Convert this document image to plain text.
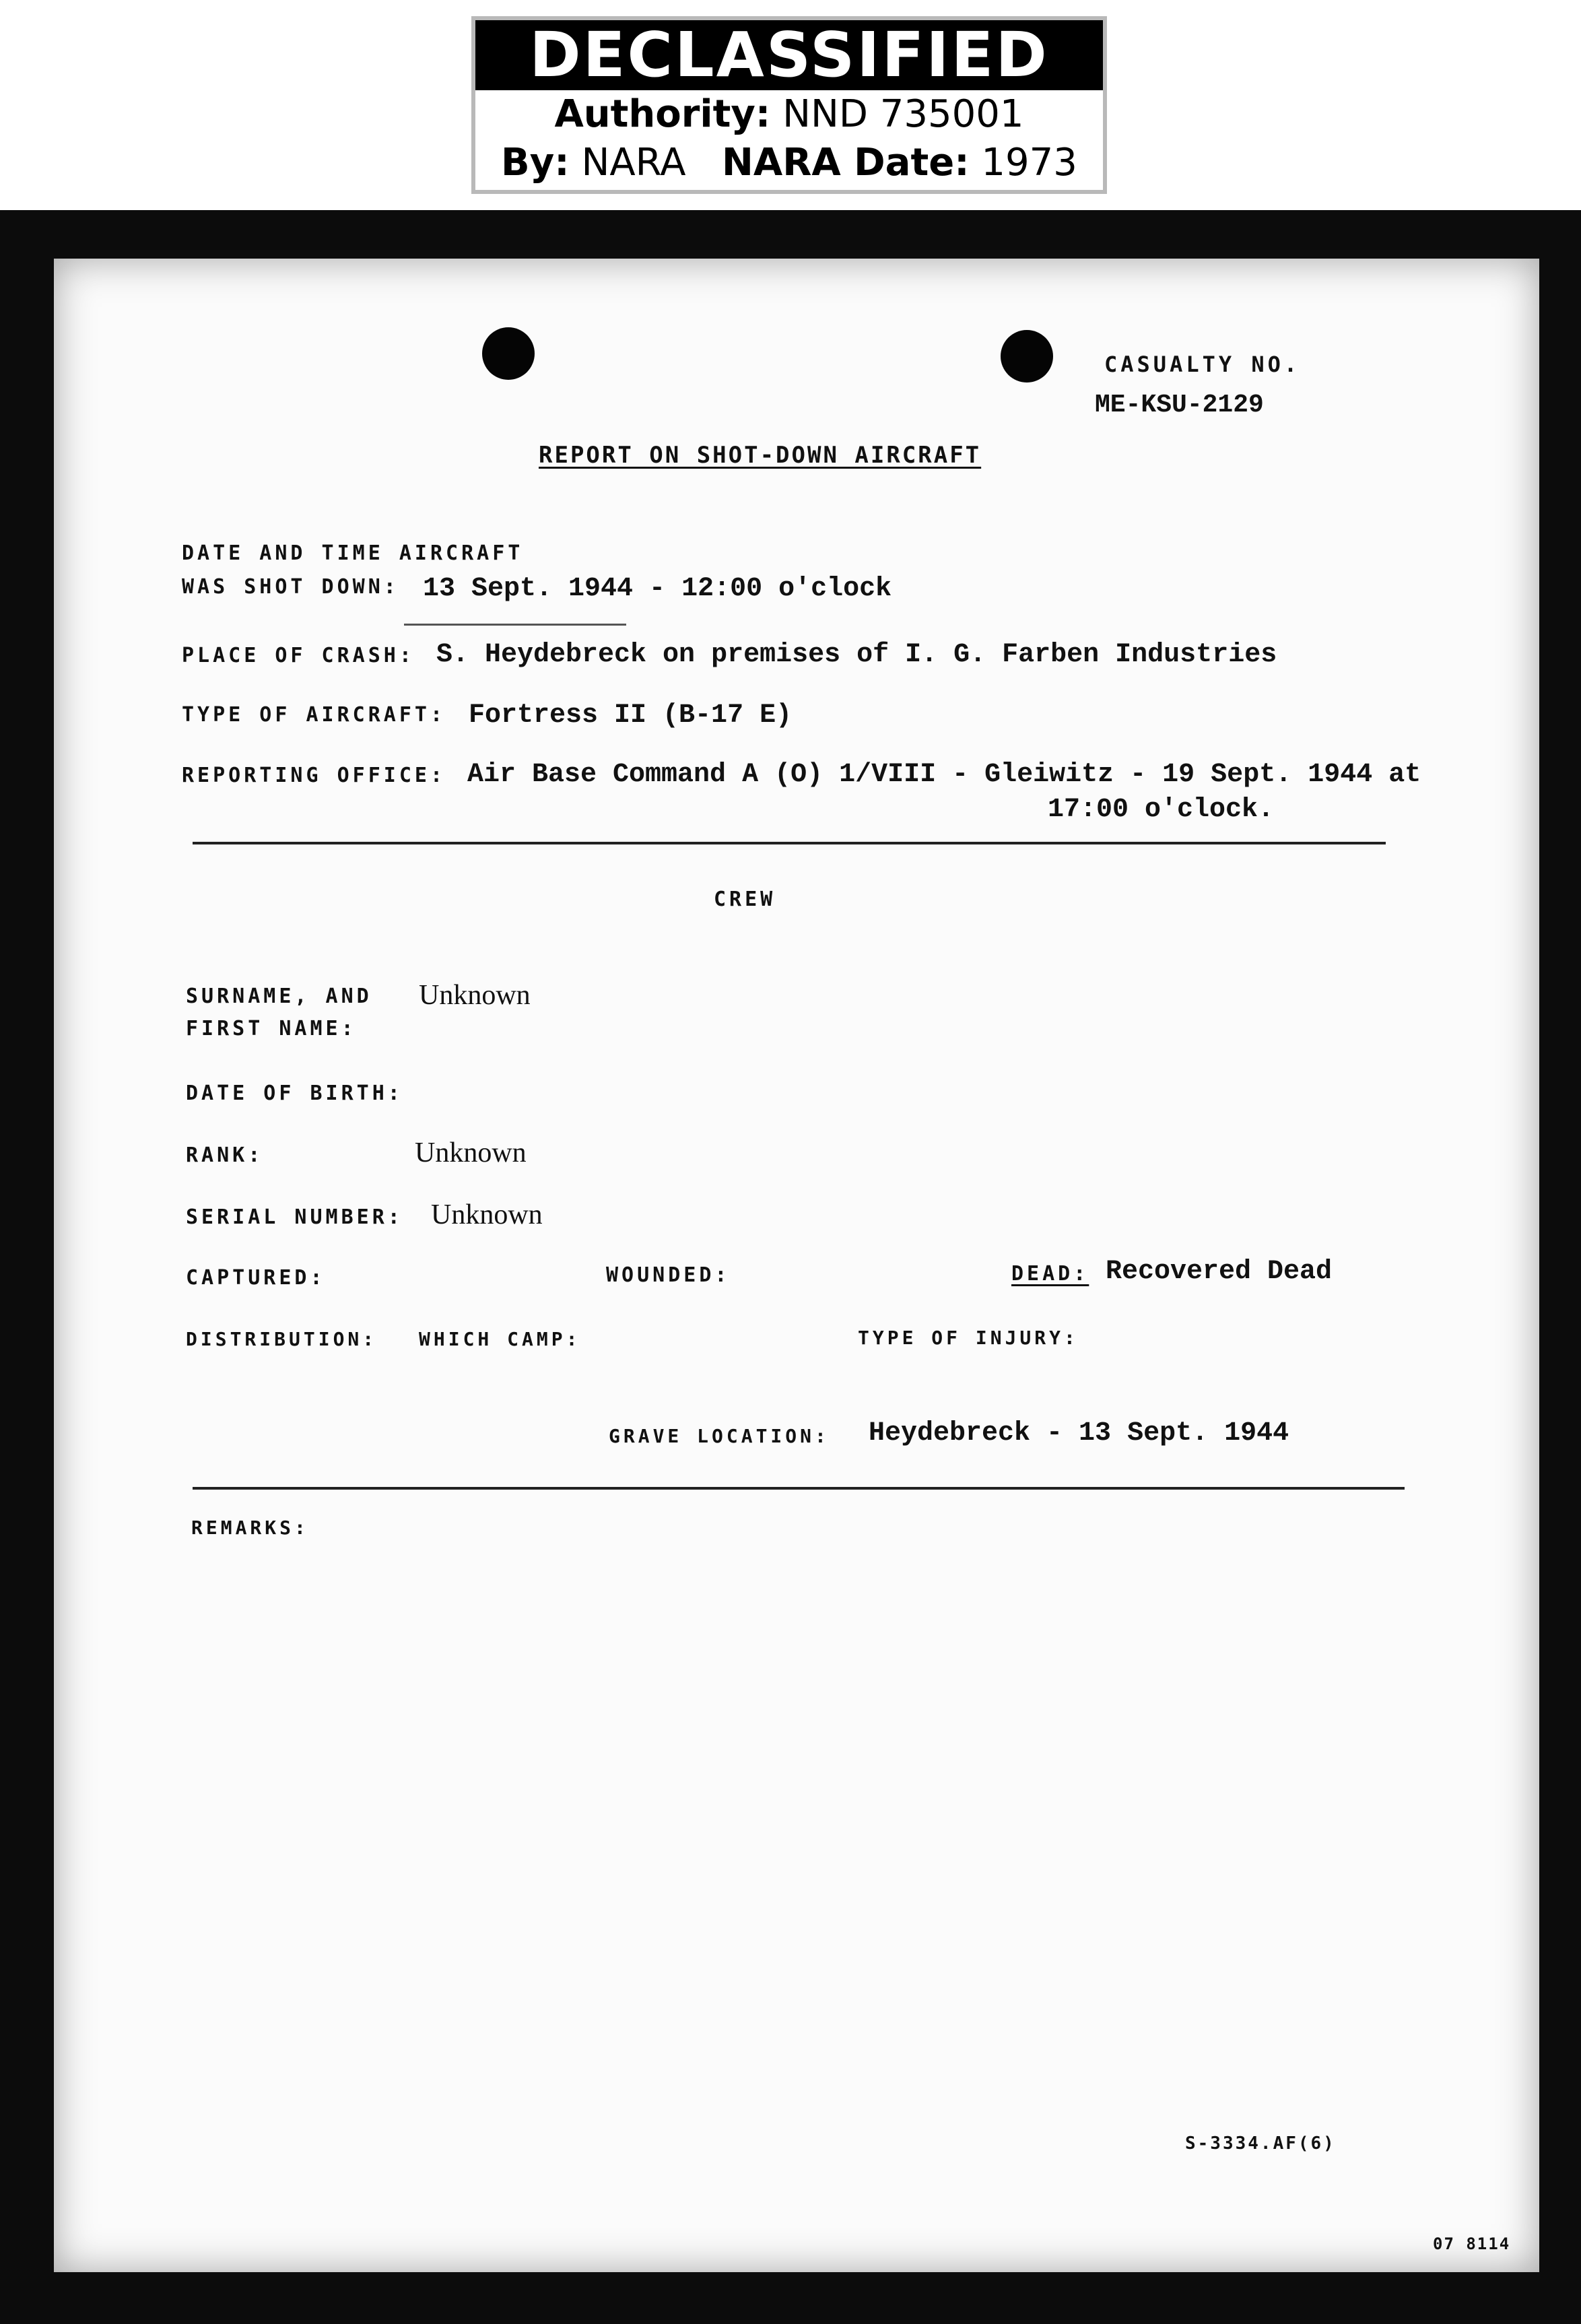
DECLASSIFIED
Authority: NND 735001
By: NARA NARA Date: 1973
CASUALTY NO.
ME-KSU-2129
REPORT ON SHOT-DOWN AIRCRAFT
DATE AND TIME AIRCRAFT
WAS SHOT DOWN: 13 Sept. 1944 - 12:00 o'clock
PLACE OF CRASH: S. Heydebreck on premises of I. G. Farben Industries
TYPE OF AIRCRAFT: Fortress II (B-17 E)
REPORTING OFFICE: Air Base Command A (O) 1/VIII - Gleiwitz - 19 Sept. 1944 at
17:00 o'clock.
CREW
SURNAME, AND
FIRST NAME:
Unknown
DATE OF BIRTH:
RANK:	Unknown
SERIAL NUMBER: Unknown
CAPTURED:	WOUNDED:	DEAD: Recovered Dead
DISTRIBUTION: WHICH CAMP:	TYPE OF INJURY:
GRAVE LOCATION: Heydebreck - 13 Sept. 1944
REMARKS:
S-3334.AF(6)
07 8114
